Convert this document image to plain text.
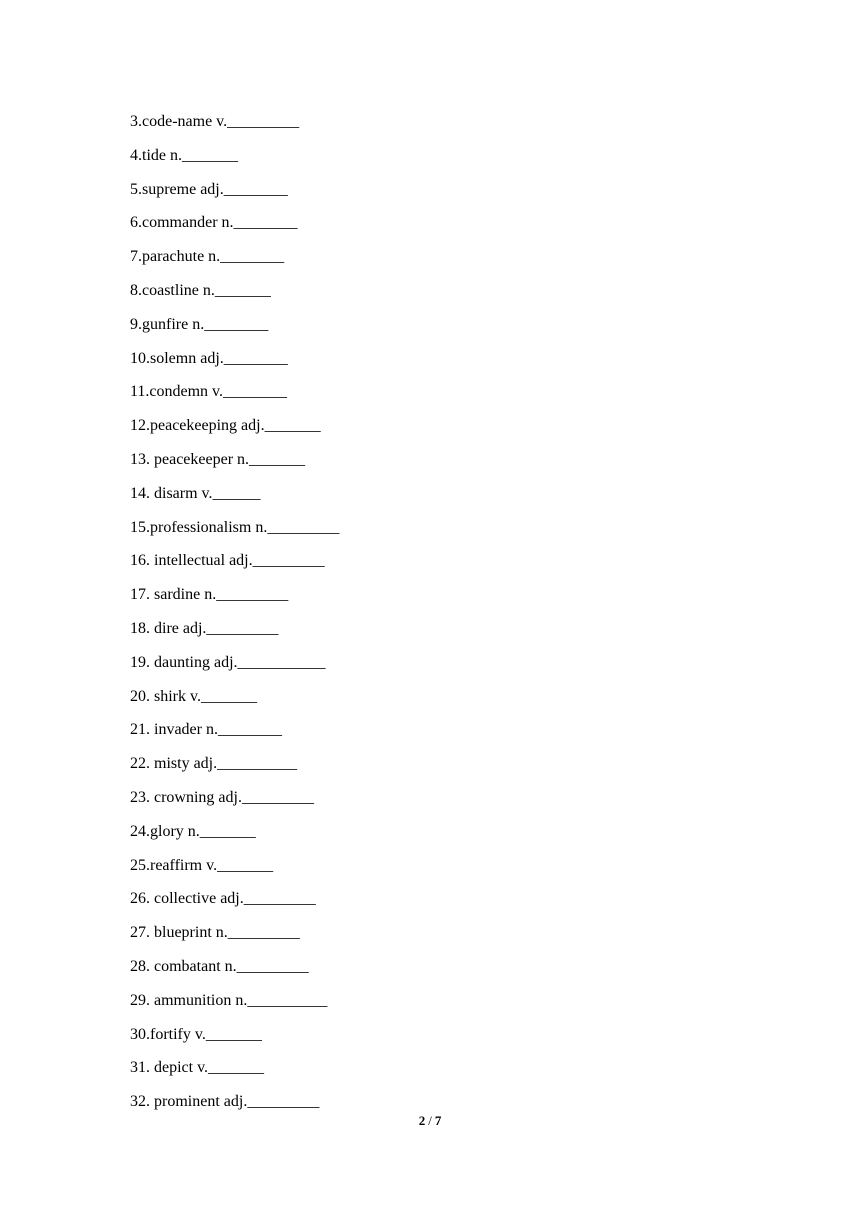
3.code-name v._________
4.tide n._______
5.supreme adj.________
6.commander n.________
7.parachute n.________
8.coastline n._______
9.gunfire n.________
10.solemn adj.________
11.condemn v.________
12.peacekeeping adj._______
13. peacekeeper n._______
14. disarm v.______
15.professionalism n._________
16. intellectual adj._________
17. sardine n._________
18. dire adj._________
19. daunting adj.___________
20. shirk v._______
21. invader n.________
22. misty adj.__________
23. crowning adj._________
24.glory n._______
25.reaffirm v._______
26. collective adj._________
27. blueprint n._________
28. combatant n._________
29. ammunition n.__________
30.fortify v._______
31. depict v._______
32. prominent adj._________
2 / 7
